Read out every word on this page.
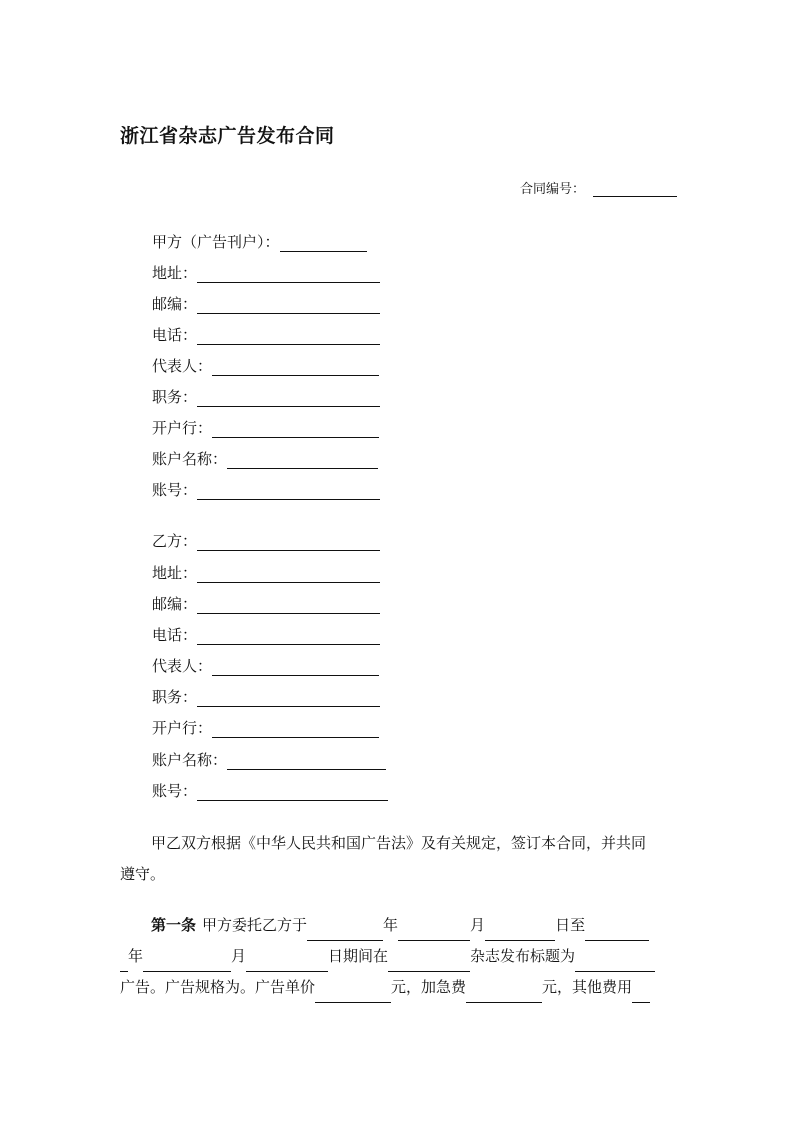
浙江省杂志广告发布合同
合同编号：
甲方（广告刊户）：
地址：
邮编：
电话：
代表人：
职务：
开户行：
账户名称：
账号：
乙方：
地址：
邮编：
电话：
代表人：
职务：
开户行：
账户名称：
账号：
甲乙双方根据《中华人民共和国广告法》及有关规定，签订本合同，并共同
遵守。
第一条 甲方委托乙方于	年	月	日至
年	月	日期间在	杂志发布标题为
广告。广告规格为。广告单价	元，加急费	元，其他费用
